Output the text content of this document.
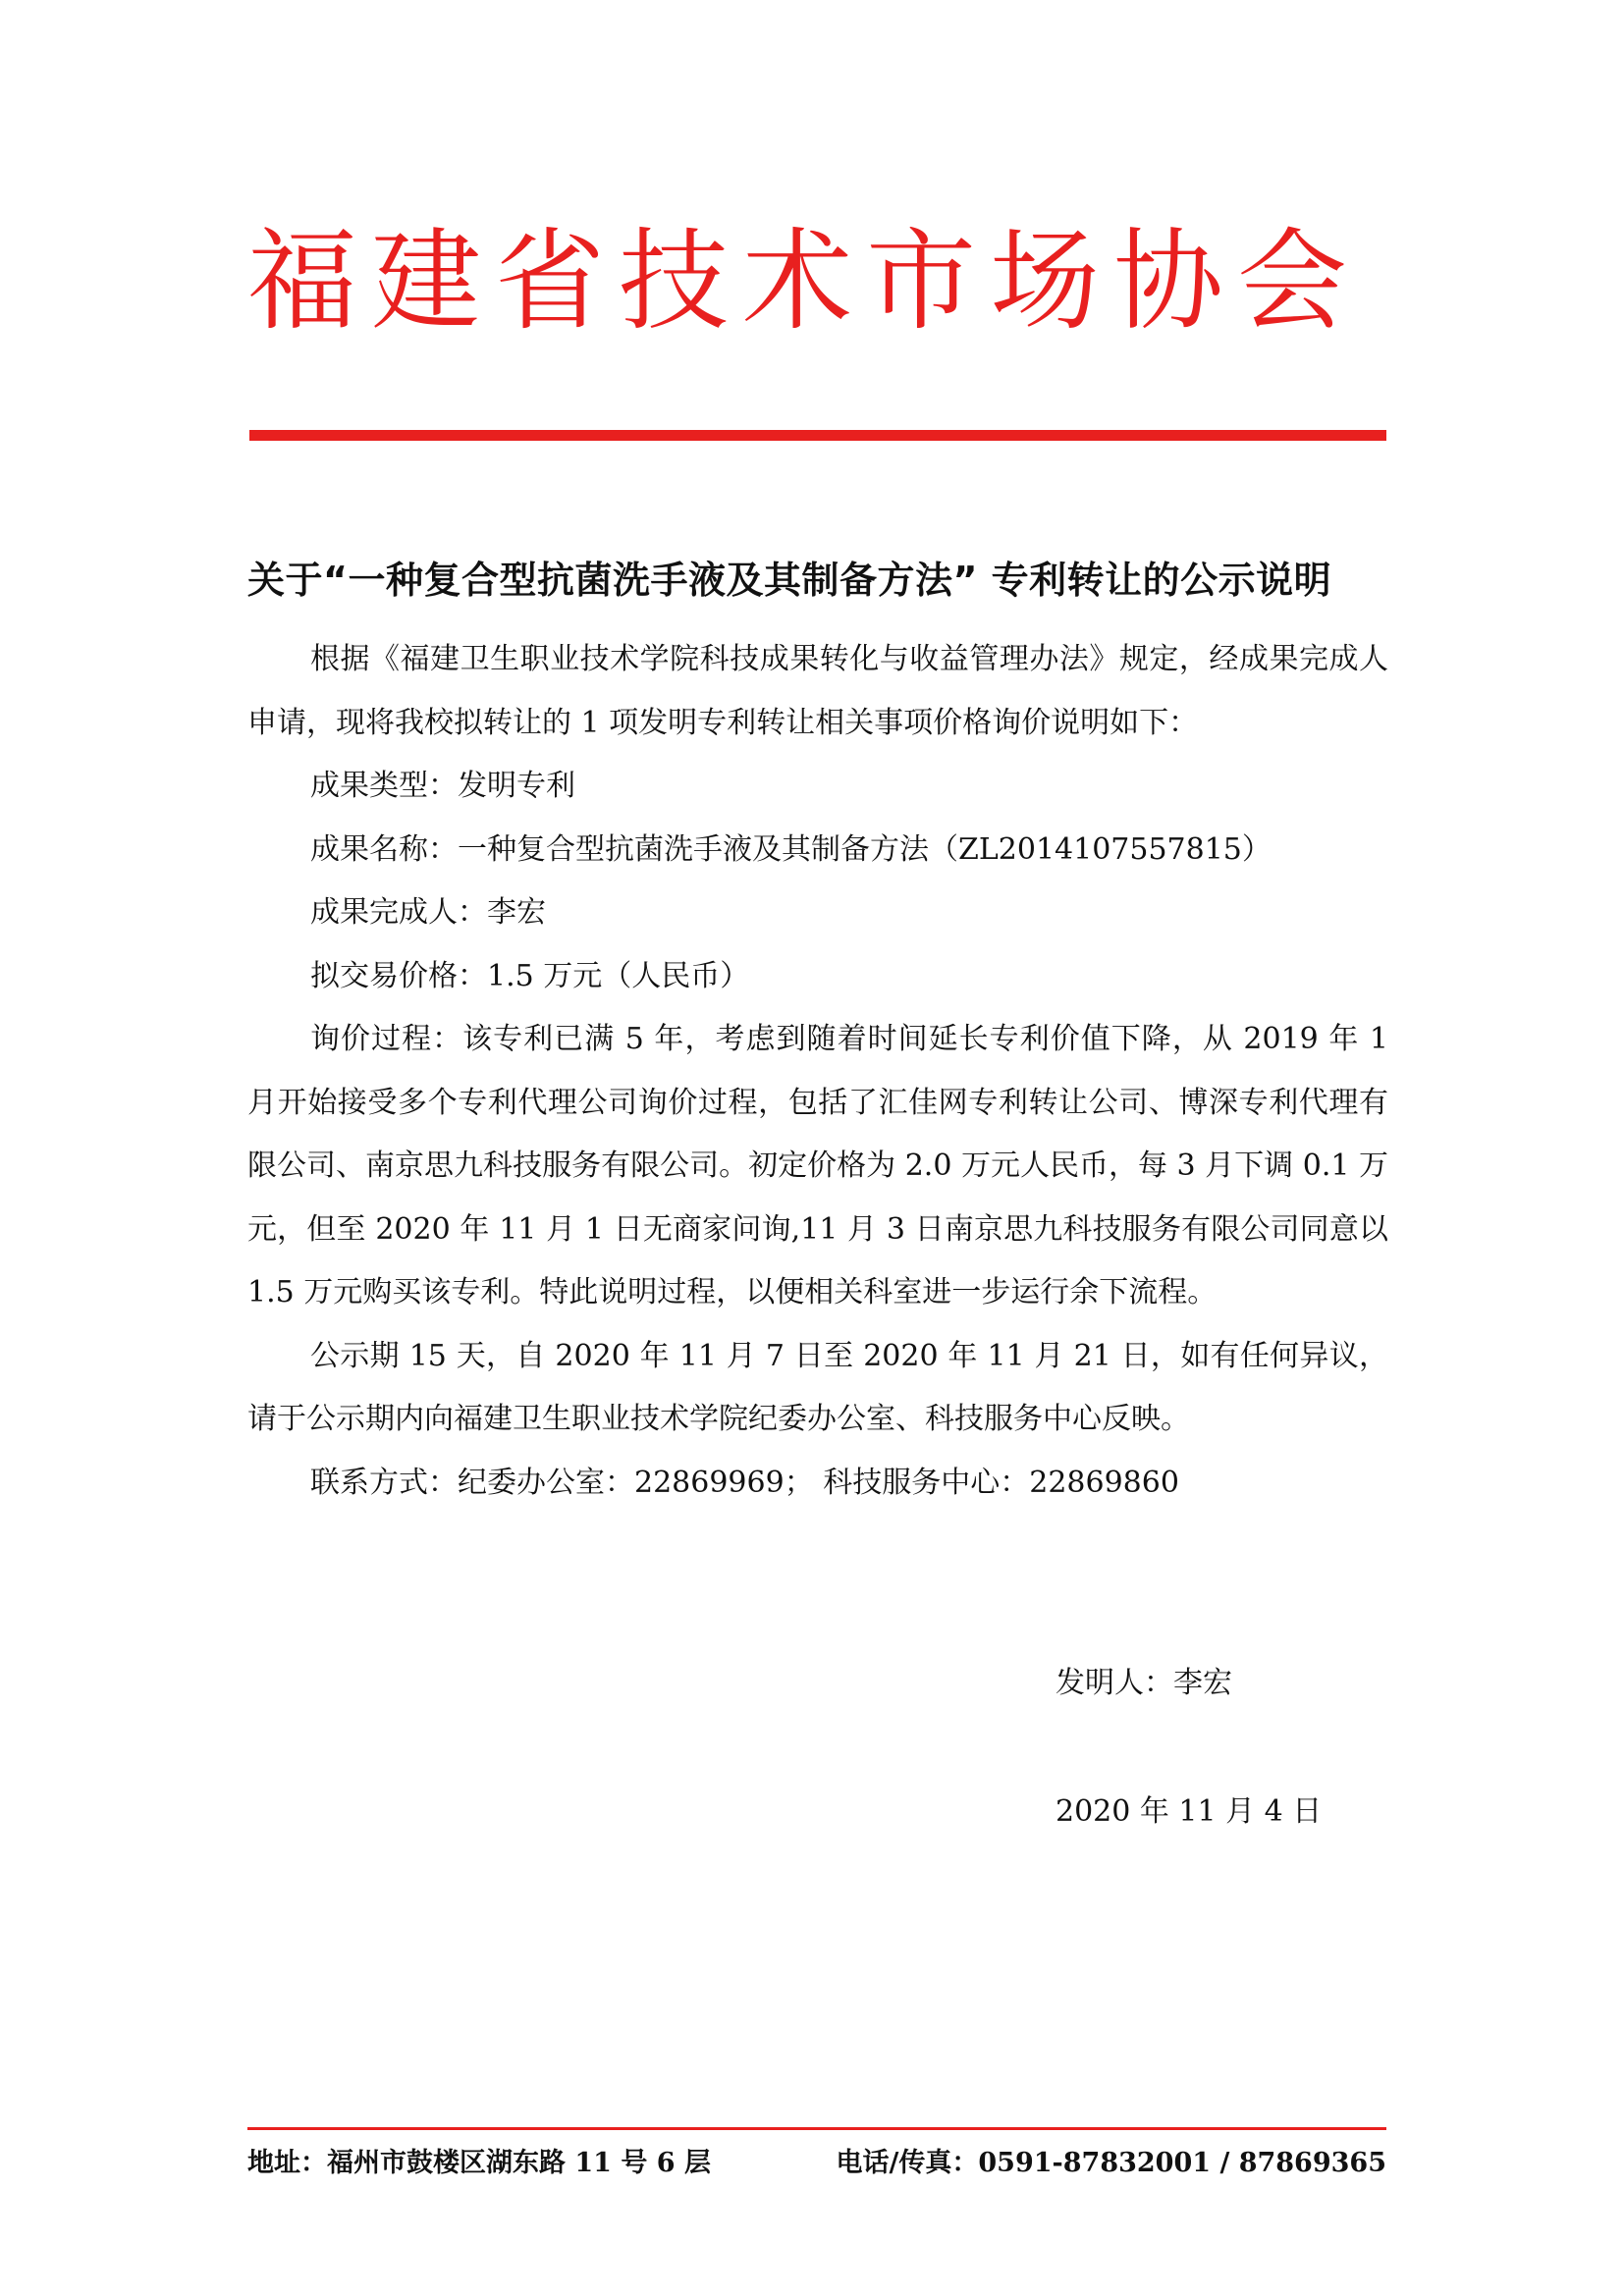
福建省技术市场协会
关于“一种复合型抗菌洗手液及其制备方法” 专利转让的公示说明

根据《福建卫生职业技术学院科技成果转化与收益管理办法》规定，经成果完成人申请，现将我校拟转让的 1 项发明专利转让相关事项价格询价说明如下：

成果类型：发明专利

成果名称：一种复合型抗菌洗手液及其制备方法（ZL2014107557815）

成果完成人：李宏

拟交易价格：1.5 万元（人民币）

询价过程：该专利已满 5 年，考虑到随着时间延长专利价值下降，从 2019 年 1 月开始接受多个专利代理公司询价过程，包括了汇佳网专利转让公司、博深专利代理有限公司、南京思九科技服务有限公司。初定价格为 2.0 万元人民币，每 3 月下调 0.1 万元，但至 2020 年 11 月 1 日无商家问询,11 月 3 日南京思九科技服务有限公司同意以 1.5 万元购买该专利。特此说明过程，以便相关科室进一步运行余下流程。

公示期 15 天，自 2020 年 11 月 7 日至 2020 年 11 月 21 日，如有任何异议，请于公示期内向福建卫生职业技术学院纪委办公室、科技服务中心反映。

联系方式：纪委办公室：22869969； 科技服务中心：22869860

发明人：李宏
2020 年 11 月 4 日
地址：福州市鼓楼区湖东路 11 号 6 层	电话/传真：0591-87832001 / 87869365
